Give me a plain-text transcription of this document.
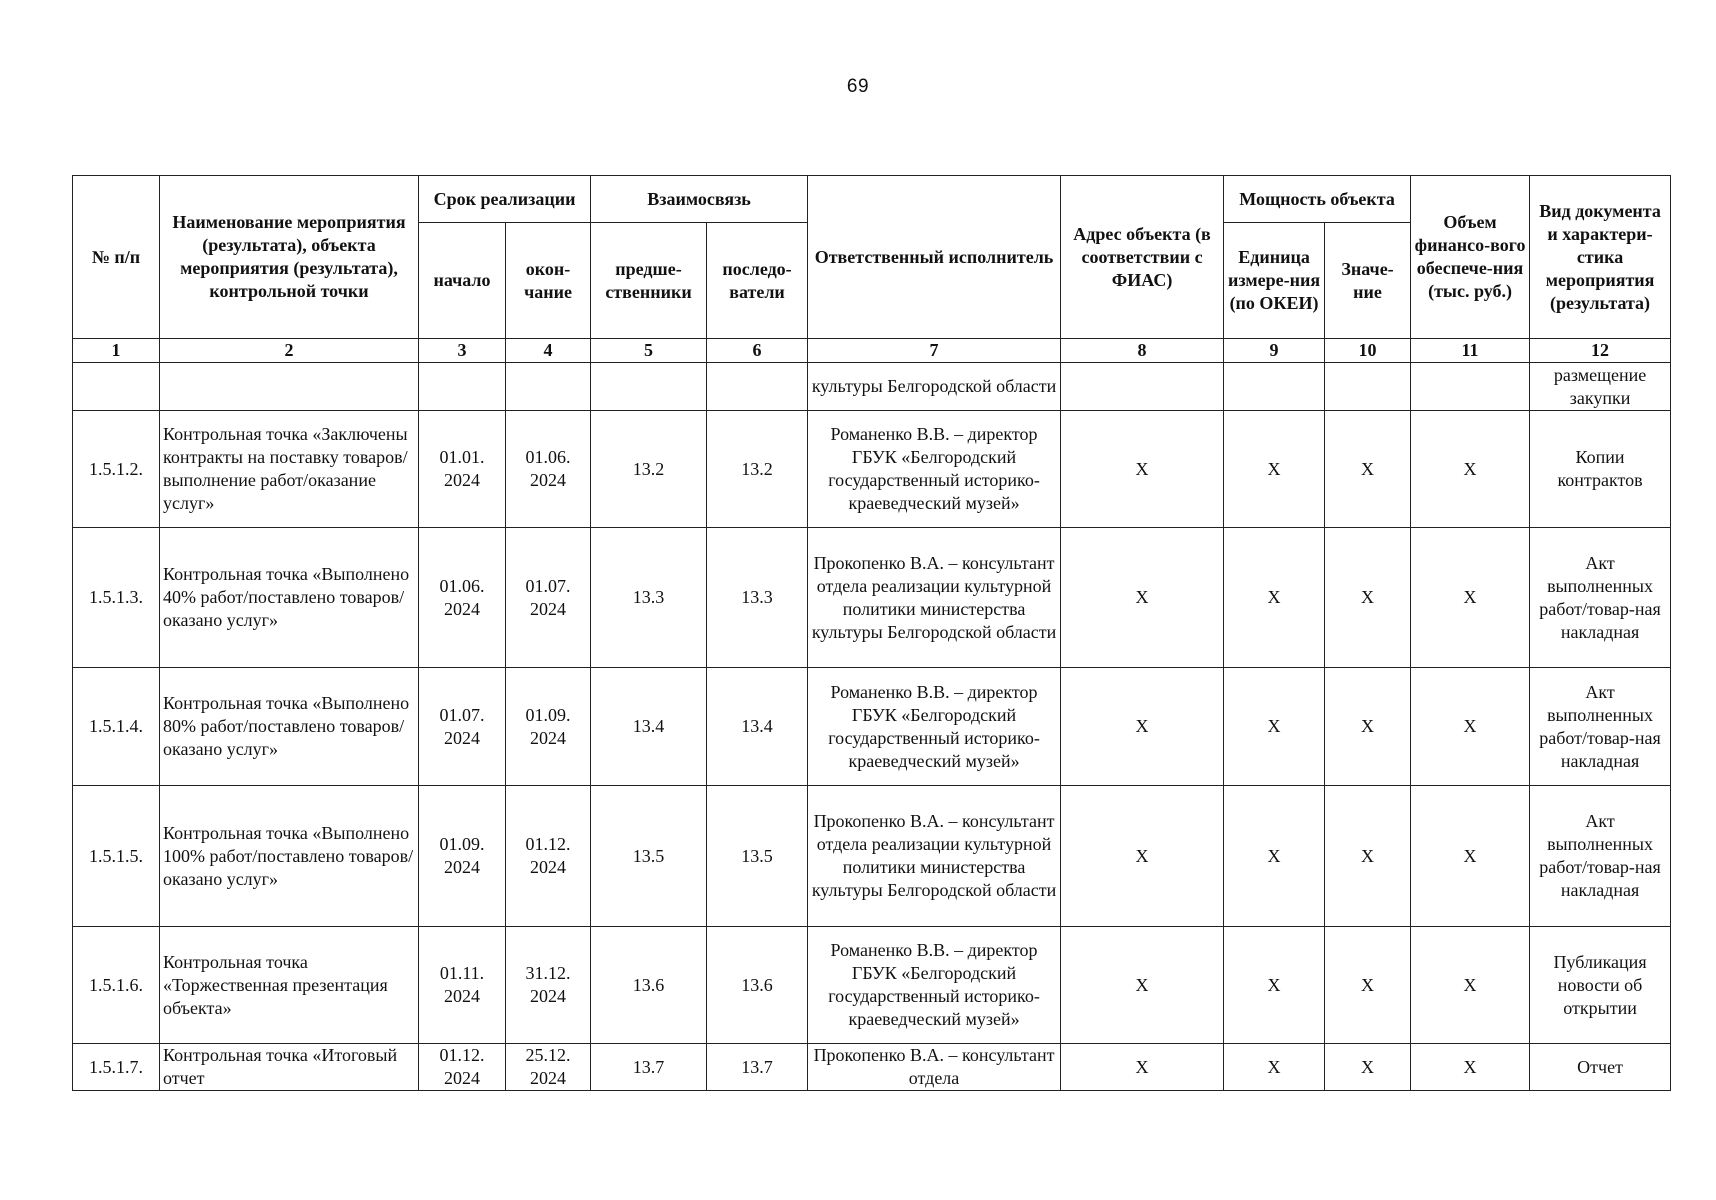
69
№ п/п	Наименование мероприятия (результата), объекта мероприятия (результата), контрольной точки	Срок реализации		Взаимосвязь		Ответственный исполнитель	Адрес объекта (в соответствии с ФИАС)	Мощность объекта		Объем финансо-вого обеспече-ния (тыс. руб.)	Вид документа и характери-стика мероприятия (результата)
		начало	окон-чание	предше-ственники	последо-ватели			Единица измере-ния (по ОКЕИ)	Значе-ние		
1	2	3	4	5	6	7	8	9	10	11	12
						культуры Белгородской области					размещение закупки
1.5.1.2.	Контрольная точка «Заключены контракты на поставку товаров/выполнение работ/оказание услуг»	01.01. 2024	01.06. 2024	13.2	13.2	Романенко В.В. – директор ГБУК «Белгородский государственный историко-краеведческий музей»	X	X	X	X	Копии контрактов
1.5.1.3.	Контрольная точка «Выполнено 40% работ/поставлено товаров/оказано услуг»	01.06. 2024	01.07. 2024	13.3	13.3	Прокопенко В.А. – консультант отдела реализации культурной политики министерства культуры Белгородской области	X	X	X	X	Акт выполненных работ/товар-ная накладная
1.5.1.4.	Контрольная точка «Выполнено 80% работ/поставлено товаров/оказано услуг»	01.07. 2024	01.09. 2024	13.4	13.4	Романенко В.В. – директор ГБУК «Белгородский государственный историко-краеведческий музей»	X	X	X	X	Акт выполненных работ/товар-ная накладная
1.5.1.5.	Контрольная точка «Выполнено 100% работ/поставлено товаров/оказано услуг»	01.09. 2024	01.12. 2024	13.5	13.5	Прокопенко В.А. – консультант отдела реализации культурной политики министерства культуры Белгородской области	X	X	X	X	Акт выполненных работ/товар-ная накладная
1.5.1.6.	Контрольная точка «Торжественная презентация объекта»	01.11. 2024	31.12. 2024	13.6	13.6	Романенко В.В. – директор ГБУК «Белгородский государственный историко-краеведческий музей»	X	X	X	X	Публикация новости об открытии
1.5.1.7.	Контрольная точка «Итоговый отчет	01.12. 2024	25.12. 2024	13.7	13.7	Прокопенко В.А. – консультант отдела	X	X	X	X	Отчет
